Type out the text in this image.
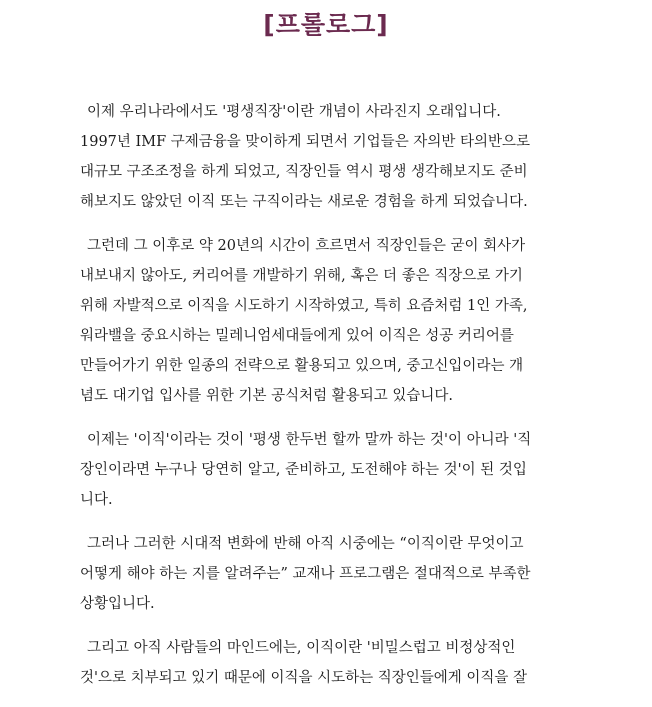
[프롤로그]
이제 우리나라에서도 '평생직장'이란 개념이 사라진지 오래입니다.
1997년 IMF 구제금융을 맞이하게 되면서 기업들은 자의반 타의반으로
대규모 구조조정을 하게 되었고, 직장인들 역시 평생 생각해보지도 준비
해보지도 않았던 이직 또는 구직이라는 새로운 경험을 하게 되었습니다.
그런데 그 이후로 약 20년의 시간이 흐르면서 직장인들은 굳이 회사가
내보내지 않아도, 커리어를 개발하기 위해, 혹은 더 좋은 직장으로 가기
위해 자발적으로 이직을 시도하기 시작하였고, 특히 요즘처럼 1인 가족,
워라밸을 중요시하는 밀레니엄세대들에게 있어 이직은 성공 커리어를
만들어가기 위한 일종의 전략으로 활용되고 있으며, 중고신입이라는 개
념도 대기업 입사를 위한 기본 공식처럼 활용되고 있습니다.
이제는 '이직'이라는 것이 '평생 한두번 할까 말까 하는 것'이 아니라 '직
장인이라면 누구나 당연히 알고, 준비하고, 도전해야 하는 것'이 된 것입
니다.
그러나 그러한 시대적 변화에 반해 아직 시중에는 “이직이란 무엇이고
어떻게 해야 하는 지를 알려주는” 교재나 프로그램은 절대적으로 부족한
상황입니다.
그리고 아직 사람들의 마인드에는, 이직이란 '비밀스럽고 비정상적인
것'으로 치부되고 있기 때문에 이직을 시도하는 직장인들에게 이직을 잘
